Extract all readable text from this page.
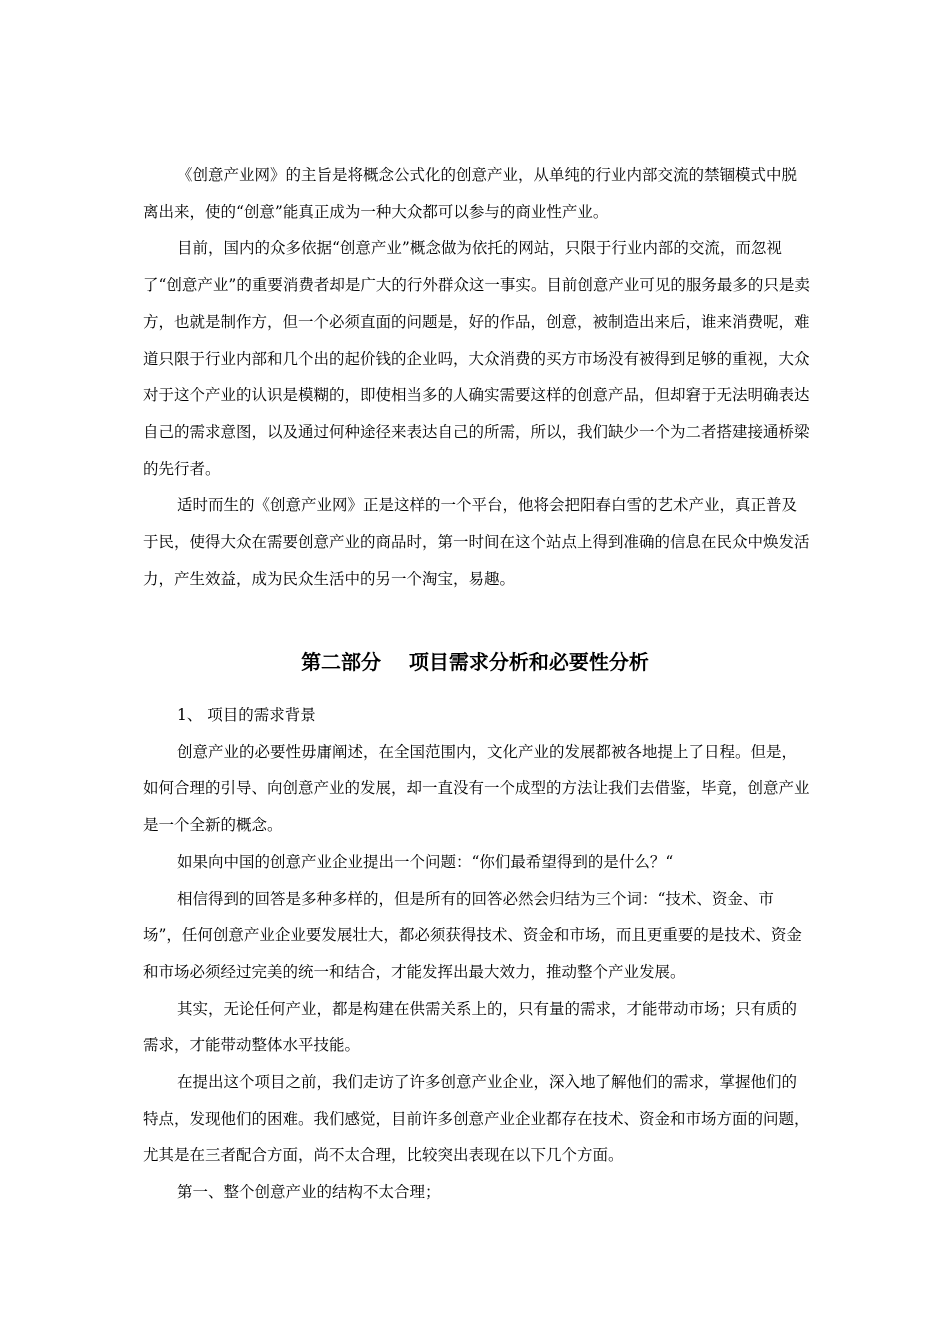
《创意产业网》的主旨是将概念公式化的创意产业，从单纯的行业内部交流的禁锢模式中脱离出来，使的“创意”能真正成为一种大众都可以参与的商业性产业。

目前，国内的众多依据“创意产业”概念做为依托的网站，只限于行业内部的交流，而忽视了“创意产业”的重要消费者却是广大的行外群众这一事实。目前创意产业可见的服务最多的只是卖方，也就是制作方，但一个必须直面的问题是，好的作品，创意，被制造出来后，谁来消费呢，难道只限于行业内部和几个出的起价钱的企业吗，大众消费的买方市场没有被得到足够的重视，大众对于这个产业的认识是模糊的，即使相当多的人确实需要这样的创意产品，但却窘于无法明确表达自己的需求意图，以及通过何种途径来表达自己的所需，所以，我们缺少一个为二者搭建接通桥梁的先行者。

适时而生的《创意产业网》正是这样的一个平台，他将会把阳春白雪的艺术产业，真正普及于民，使得大众在需要创意产业的商品时，第一时间在这个站点上得到准确的信息在民众中焕发活力，产生效益，成为民众生活中的另一个淘宝，易趣。

第二部分    项目需求分析和必要性分析

1、 项目的需求背景

创意产业的必要性毋庸阐述，在全国范围内，文化产业的发展都被各地提上了日程。但是，如何合理的引导、向创意产业的发展，却一直没有一个成型的方法让我们去借鉴，毕竟，创意产业是一个全新的概念。

如果向中国的创意产业企业提出一个问题：“你们最希望得到的是什么？“

相信得到的回答是多种多样的，但是所有的回答必然会归结为三个词：“技术、资金、市场”，任何创意产业企业要发展壮大，都必须获得技术、资金和市场，而且更重要的是技术、资金和市场必须经过完美的统一和结合，才能发挥出最大效力，推动整个产业发展。

其实，无论任何产业，都是构建在供需关系上的，只有量的需求，才能带动市场；只有质的需求，才能带动整体水平技能。

在提出这个项目之前，我们走访了许多创意产业企业，深入地了解他们的需求，掌握他们的特点，发现他们的困难。我们感觉，目前许多创意产业企业都存在技术、资金和市场方面的问题，尤其是在三者配合方面，尚不太合理，比较突出表现在以下几个方面。

第一、整个创意产业的结构不太合理；
